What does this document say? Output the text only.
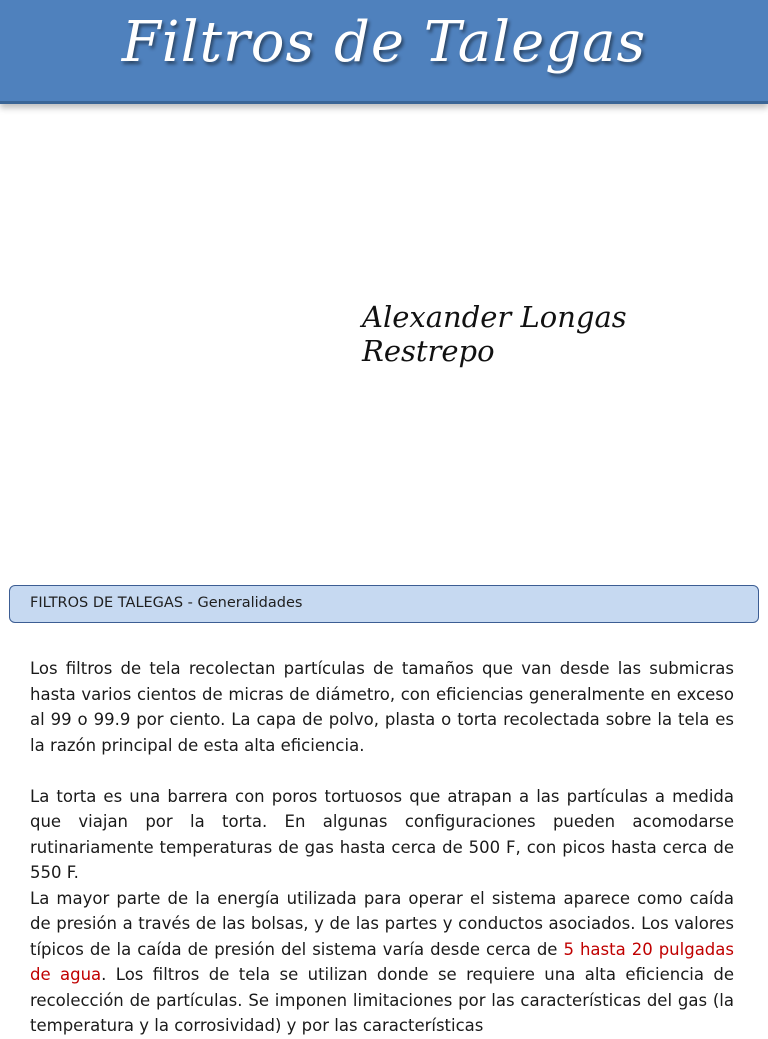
Filtros de Talegas
Alexander Longas Restrepo
FILTROS DE TALEGAS - Generalidades

Los filtros de tela recolectan partículas de tamaños que van desde las submicras hasta varios cientos de micras de diámetro, con eficiencias generalmente en exceso al 99 o 99.9 por ciento. La capa de polvo, plasta o torta recolectada sobre la tela es la razón principal de esta alta eficiencia.

La torta es una barrera con poros tortuosos que atrapan a las partículas a medida que viajan por la torta. En algunas configuraciones pueden acomodarse rutinariamente temperaturas de gas hasta cerca de 500 F, con picos hasta cerca de 550 F.

La mayor parte de la energía utilizada para operar el sistema aparece como caída de presión a través de las bolsas, y de las partes y conductos asociados. Los valores típicos de la caída de presión del sistema varía desde cerca de 5 hasta 20 pulgadas de agua. Los filtros de tela se utilizan donde se requiere una alta eficiencia de recolección de partículas. Se imponen limitaciones por las características del gas (la temperatura y la corrosividad) y por las características
